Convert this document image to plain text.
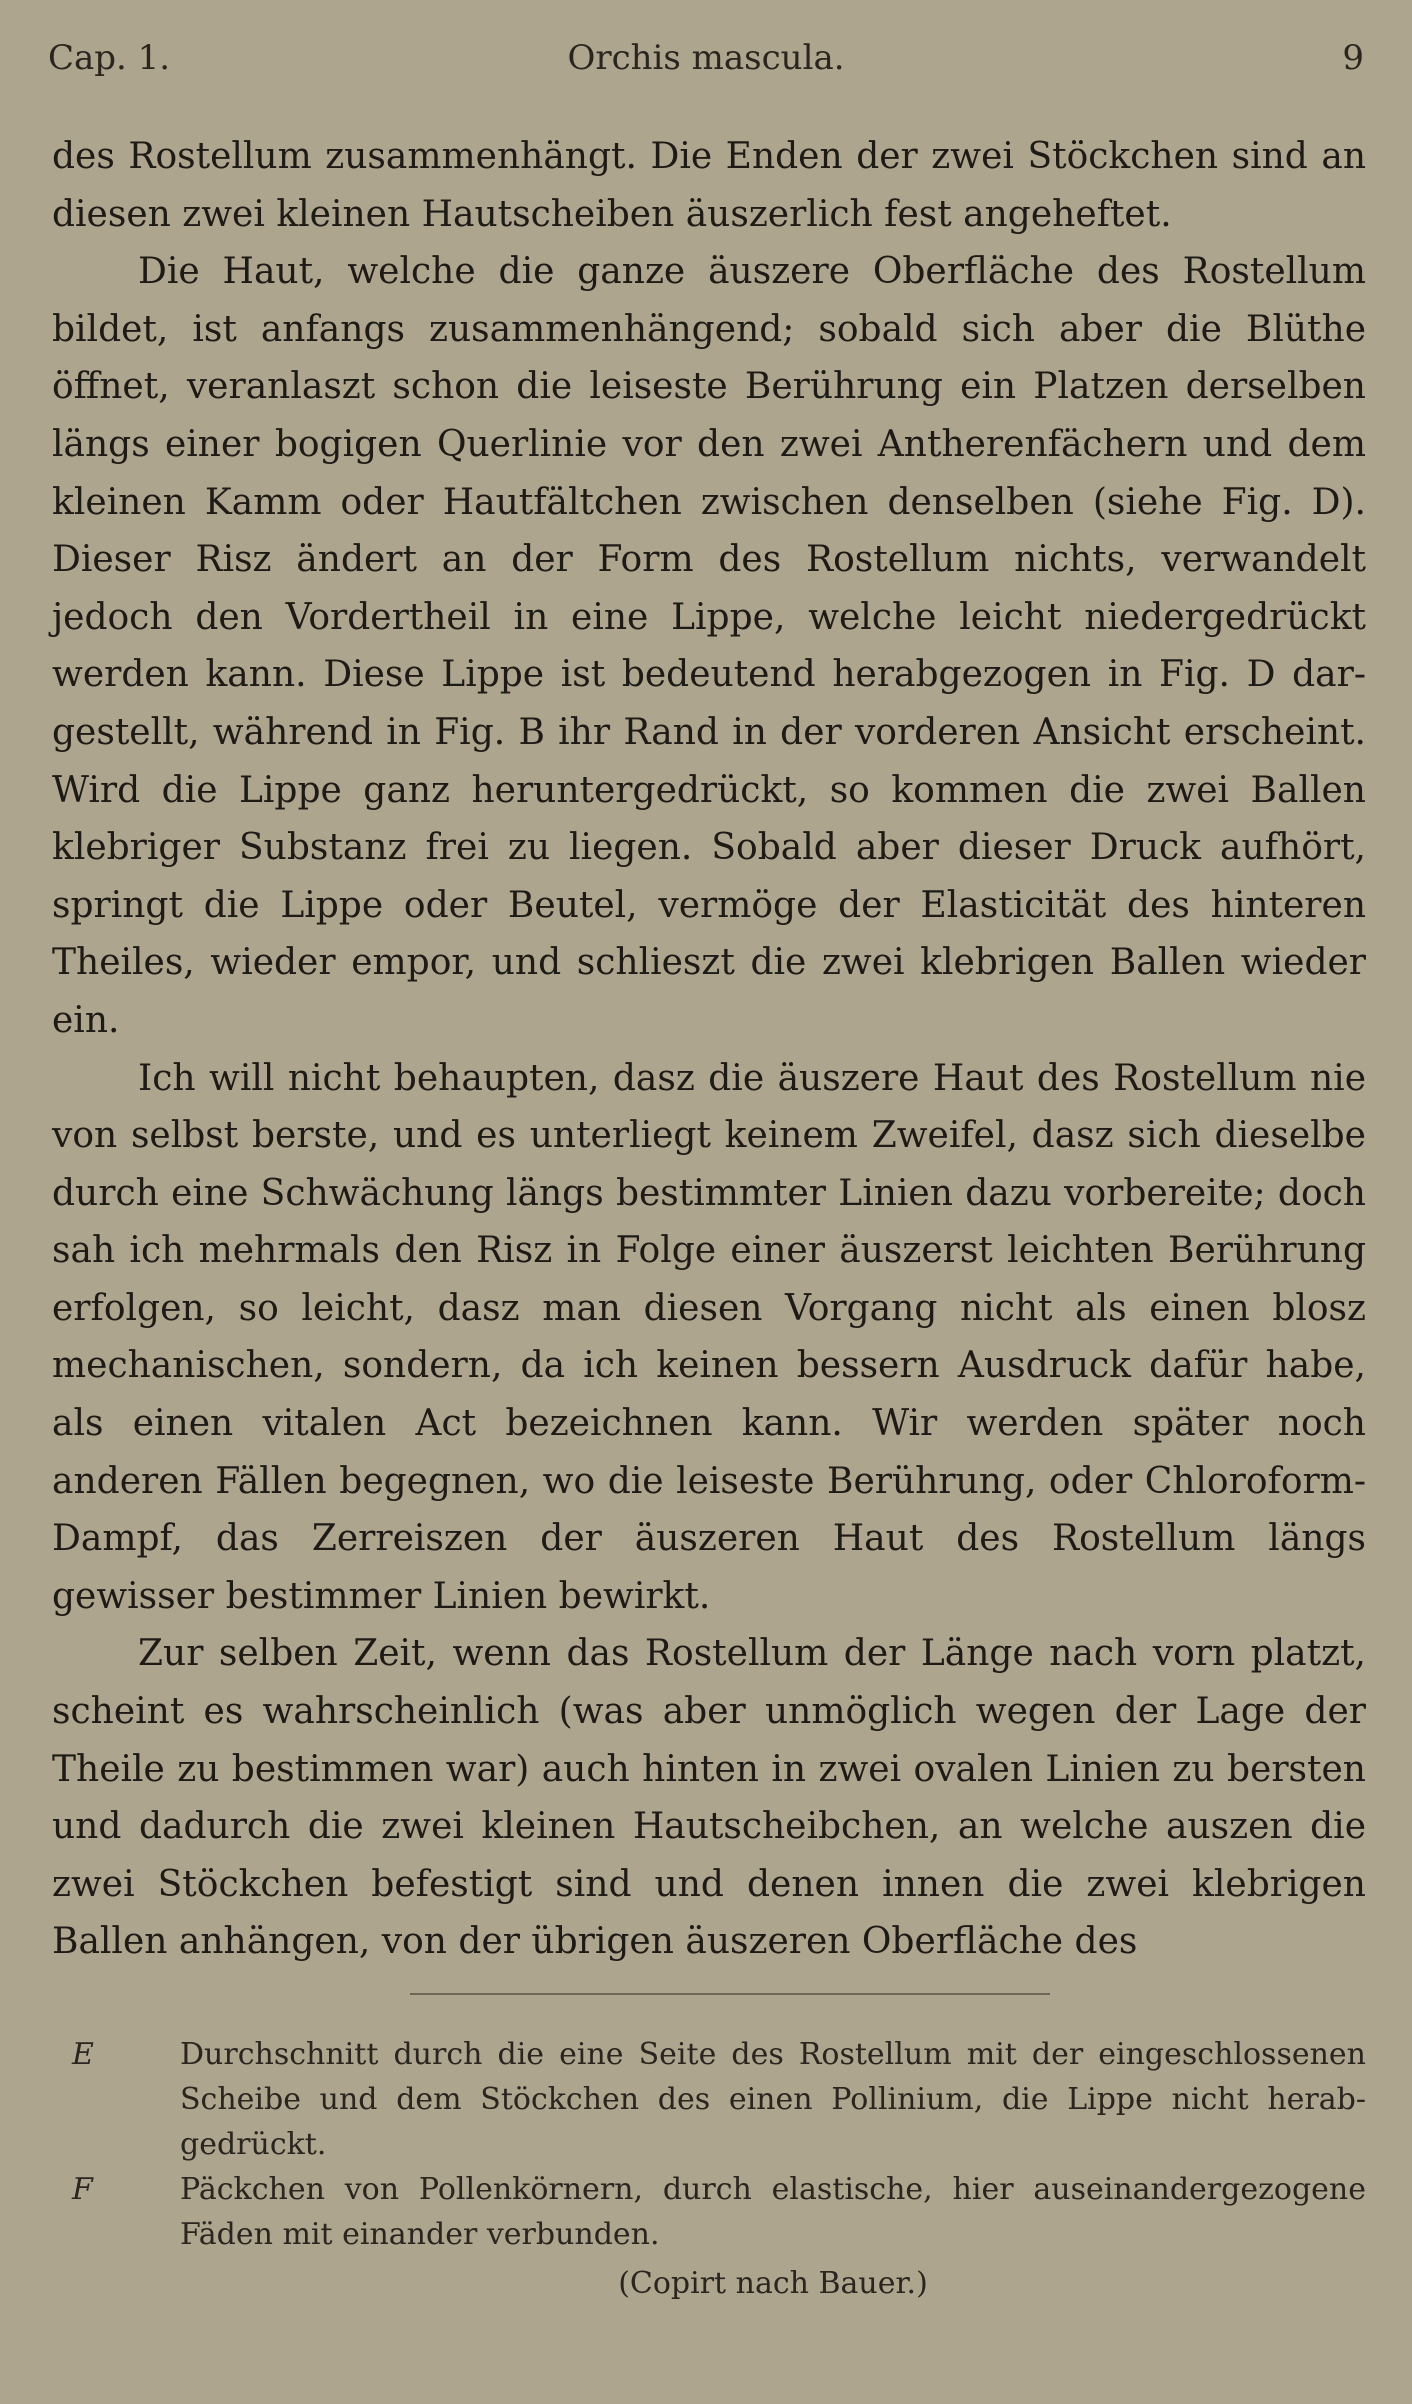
Cap. 1.	Orchis mascula.	9

des Rostellum zusammenhängt. Die Enden der zwei Stöckchen sind an diesen zwei kleinen Hautscheiben äuszerlich fest angeheftet.

Die Haut, welche die ganze äuszere Oberfläche des Rostellum bildet, ist anfangs zusammenhängend; sobald sich aber die Blüthe öffnet, veranlaszt schon die leiseste Berührung ein Platzen derselben längs einer bogigen Querlinie vor den zwei Antherenfächern und dem kleinen Kamm oder Hautfältchen zwischen denselben (siehe Fig. D). Dieser Risz ändert an der Form des Rostellum nichts, verwandelt jedoch den Vordertheil in eine Lippe, welche leicht niedergedrückt werden kann. Diese Lippe ist bedeutend herabgezogen in Fig. D dargestellt, während in Fig. B ihr Rand in der vorderen Ansicht erscheint. Wird die Lippe ganz heruntergedrückt, so kommen die zwei Ballen klebriger Substanz frei zu liegen. Sobald aber dieser Druck aufhört, springt die Lippe oder Beutel, vermöge der Elasticität des hinteren Theiles, wieder empor, und schlieszt die zwei klebrigen Ballen wieder ein.

Ich will nicht behaupten, dasz die äuszere Haut des Rostellum nie von selbst berste, und es unterliegt keinem Zweifel, dasz sich dieselbe durch eine Schwächung längs bestimmter Linien dazu vorbereite; doch sah ich mehrmals den Risz in Folge einer äuszerst leichten Berührung erfolgen, so leicht, dasz man diesen Vorgang nicht als einen blosz mechanischen, sondern, da ich keinen bessern Ausdruck dafür habe, als einen vitalen Act bezeichnen kann. Wir werden später noch anderen Fällen begegnen, wo die leiseste Berührung, oder Chloroform-Dampf, das Zerreiszen der äuszeren Haut des Rostellum längs gewisser bestimmer Linien bewirkt.

Zur selben Zeit, wenn das Rostellum der Länge nach vorn platzt, scheint es wahrscheinlich (was aber unmöglich wegen der Lage der Theile zu bestimmen war) auch hinten in zwei ovalen Linien zu bersten und dadurch die zwei kleinen Hautscheibchen, an welche auszen die zwei Stöckchen befestigt sind und denen innen die zwei klebrigen Ballen anhängen, von der übrigen äuszeren Oberfläche des

E	Durchschnitt durch die eine Seite des Rostellum mit der eingeschlossenen Scheibe und dem Stöckchen des einen Pollinium, die Lippe nicht herabgedrückt.

F	Päckchen von Pollenkörnern, durch elastische, hier auseinandergezogene Fäden mit einander verbunden.

(Copirt nach Bauer.)
